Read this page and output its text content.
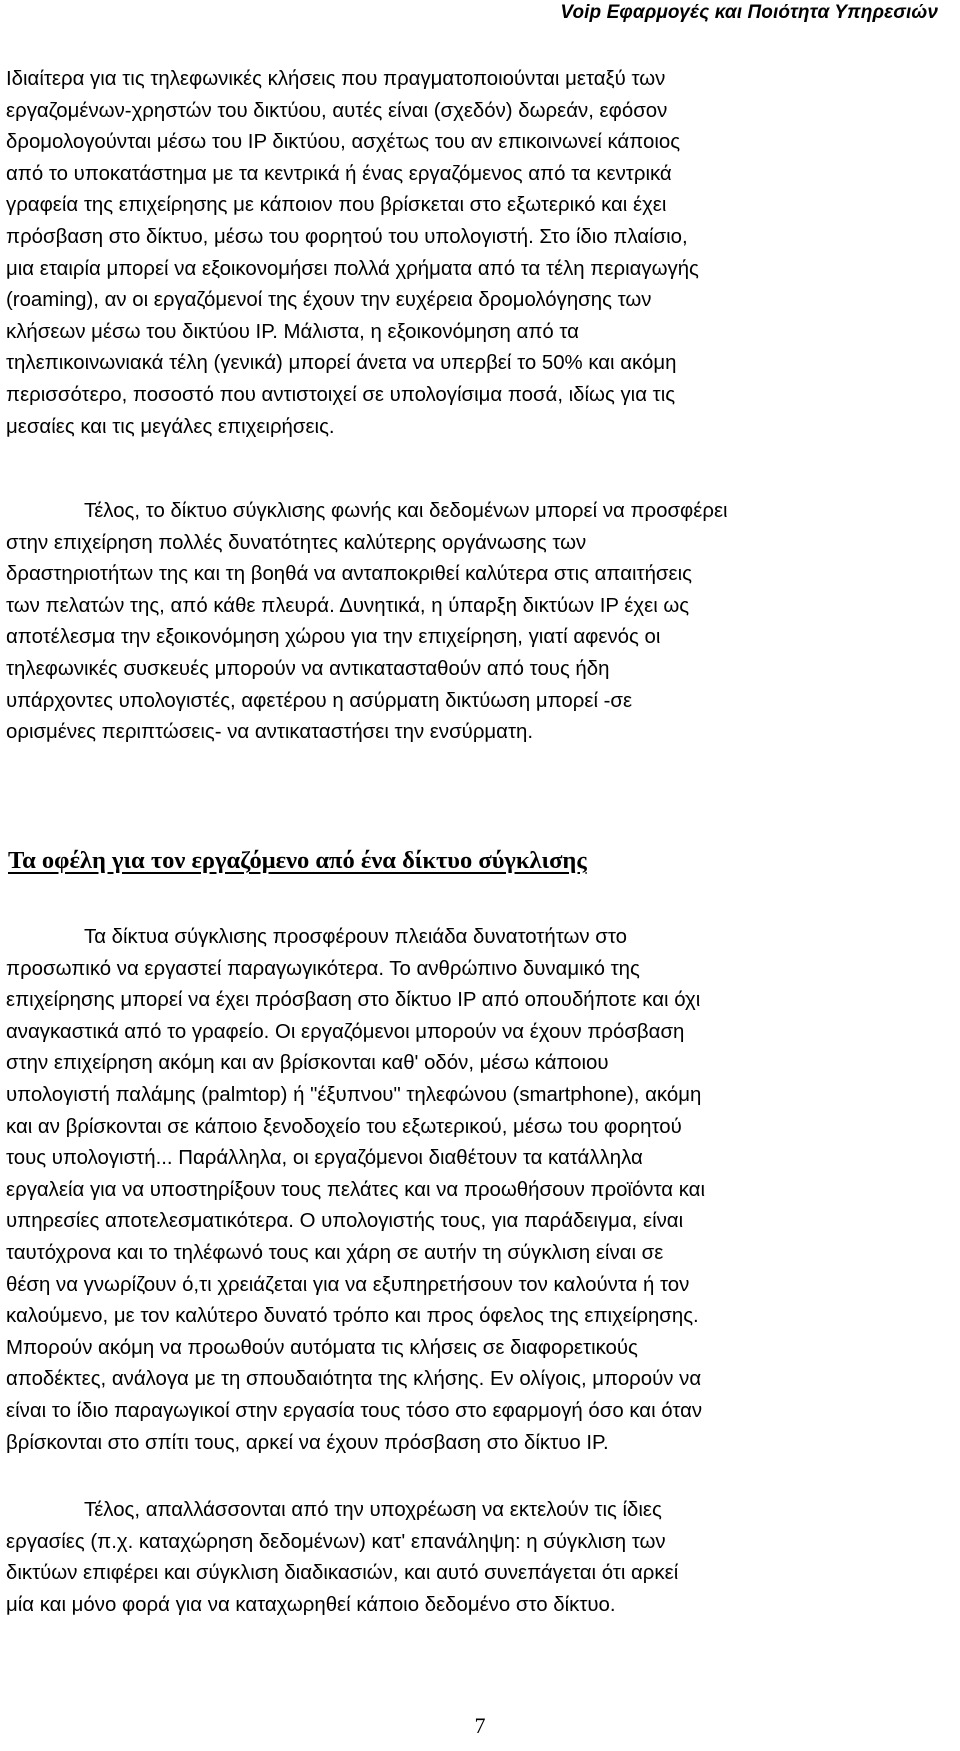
Voip Εφαρμογές και Ποιότητα Υπηρεσιών
Ιδιαίτερα για τις τηλεφωνικές κλήσεις που πραγματοποιούνται μεταξύ των
εργαζομένων-χρηστών του δικτύου, αυτές είναι (σχεδόν) δωρεάν, εφόσον
δρομολογούνται μέσω του IP δικτύου, ασχέτως του αν επικοινωνεί κάποιος
από το υποκατάστημα με τα κεντρικά ή ένας εργαζόμενος από τα κεντρικά
γραφεία της επιχείρησης με κάποιον που βρίσκεται στο εξωτερικό και έχει
πρόσβαση στο δίκτυο, μέσω του φορητού του υπολογιστή. Στο ίδιο πλαίσιο,
μια εταιρία μπορεί να εξοικονομήσει πολλά χρήματα από τα τέλη περιαγωγής
(roaming), αν οι εργαζόμενοί της έχουν την ευχέρεια δρομολόγησης των
κλήσεων μέσω του δικτύου IP. Μάλιστα, η εξοικονόμηση από τα
τηλεπικοινωνιακά τέλη (γενικά) μπορεί άνετα να υπερβεί το 50% και ακόμη
περισσότερο, ποσοστό που αντιστοιχεί σε υπολογίσιμα ποσά, ιδίως για τις
μεσαίες και τις μεγάλες επιχειρήσεις.
Τέλος, το δίκτυο σύγκλισης φωνής και δεδομένων μπορεί να προσφέρει
στην επιχείρηση πολλές δυνατότητες καλύτερης οργάνωσης των
δραστηριοτήτων της και τη βοηθά να ανταποκριθεί καλύτερα στις απαιτήσεις
των πελατών της, από κάθε πλευρά. Δυνητικά, η ύπαρξη δικτύων IP έχει ως
αποτέλεσμα την εξοικονόμηση χώρου για την επιχείρηση, γιατί αφενός οι
τηλεφωνικές συσκευές μπορούν να αντικατασταθούν από τους ήδη
υπάρχοντες υπολογιστές, αφετέρου η ασύρματη δικτύωση μπορεί -σε
ορισμένες περιπτώσεις- να αντικαταστήσει την ενσύρματη.
Τα οφέλη για τον εργαζόμενο από ένα δίκτυο σύγκλισης
Τα δίκτυα σύγκλισης προσφέρουν πλειάδα δυνατοτήτων στο
προσωπικό να εργαστεί παραγωγικότερα. Το ανθρώπινο δυναμικό της
επιχείρησης μπορεί να έχει πρόσβαση στο δίκτυο IP από οπουδήποτε και όχι
αναγκαστικά από το γραφείο. Οι εργαζόμενοι μπορούν να έχουν πρόσβαση
στην επιχείρηση ακόμη και αν βρίσκονται καθ' οδόν, μέσω κάποιου
υπολογιστή παλάμης (palmtop) ή "έξυπνου" τηλεφώνου (smartphone), ακόμη
και αν βρίσκονται σε κάποιο ξενοδοχείο του εξωτερικού, μέσω του φορητού
τους υπολογιστή... Παράλληλα, οι εργαζόμενοι διαθέτουν τα κατάλληλα
εργαλεία για να υποστηρίξουν τους πελάτες και να προωθήσουν προϊόντα και
υπηρεσίες αποτελεσματικότερα. Ο υπολογιστής τους, για παράδειγμα, είναι
ταυτόχρονα και το τηλέφωνό τους και χάρη σε αυτήν τη σύγκλιση είναι σε
θέση να γνωρίζουν ό,τι χρειάζεται για να εξυπηρετήσουν τον καλούντα ή τον
καλούμενο, με τον καλύτερο δυνατό τρόπο και προς όφελος της επιχείρησης.
Μπορούν ακόμη να προωθούν αυτόματα τις κλήσεις σε διαφορετικούς
αποδέκτες, ανάλογα με τη σπουδαιότητα της κλήσης. Εν ολίγοις, μπορούν να
είναι το ίδιο παραγωγικοί στην εργασία τους τόσο στο εφαρμογή όσο και όταν
βρίσκονται στο σπίτι τους, αρκεί να έχουν πρόσβαση στο δίκτυο IP.
Τέλος, απαλλάσσονται από την υποχρέωση να εκτελούν τις ίδιες
εργασίες (π.χ. καταχώρηση δεδομένων) κατ' επανάληψη: η σύγκλιση των
δικτύων επιφέρει και σύγκλιση διαδικασιών, και αυτό συνεπάγεται ότι αρκεί
μία και μόνο φορά για να καταχωρηθεί κάποιο δεδομένο στο δίκτυο.
7
